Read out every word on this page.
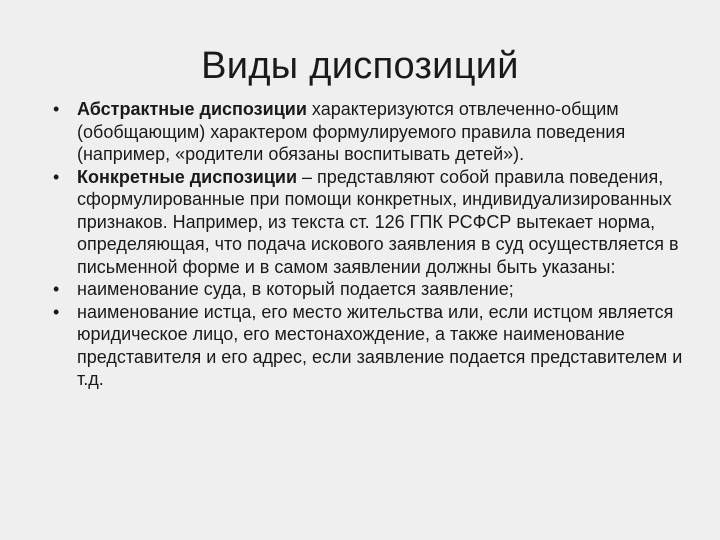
Виды диспозиций
• Абстрактные диспозиции характеризуются отвлеченно-общим (обобщающим) характером формулируемого правила поведения (например, «родители обязаны воспитывать детей»).
• Конкретные диспозиции – представляют собой правила поведения, сформулированные при помощи конкретных, индивидуализированных признаков. Например, из текста ст. 126 ГПК РСФСР вытекает норма, определяющая, что подача искового заявления в суд осуществляется в письменной форме и в самом заявлении должны быть указаны:
• наименование суда, в который подается заявление;
• наименование истца, его место жительства или, если истцом является юридическое лицо, его местонахождение, а также наименование представителя и его адрес, если заявление подается представителем и т.д.
